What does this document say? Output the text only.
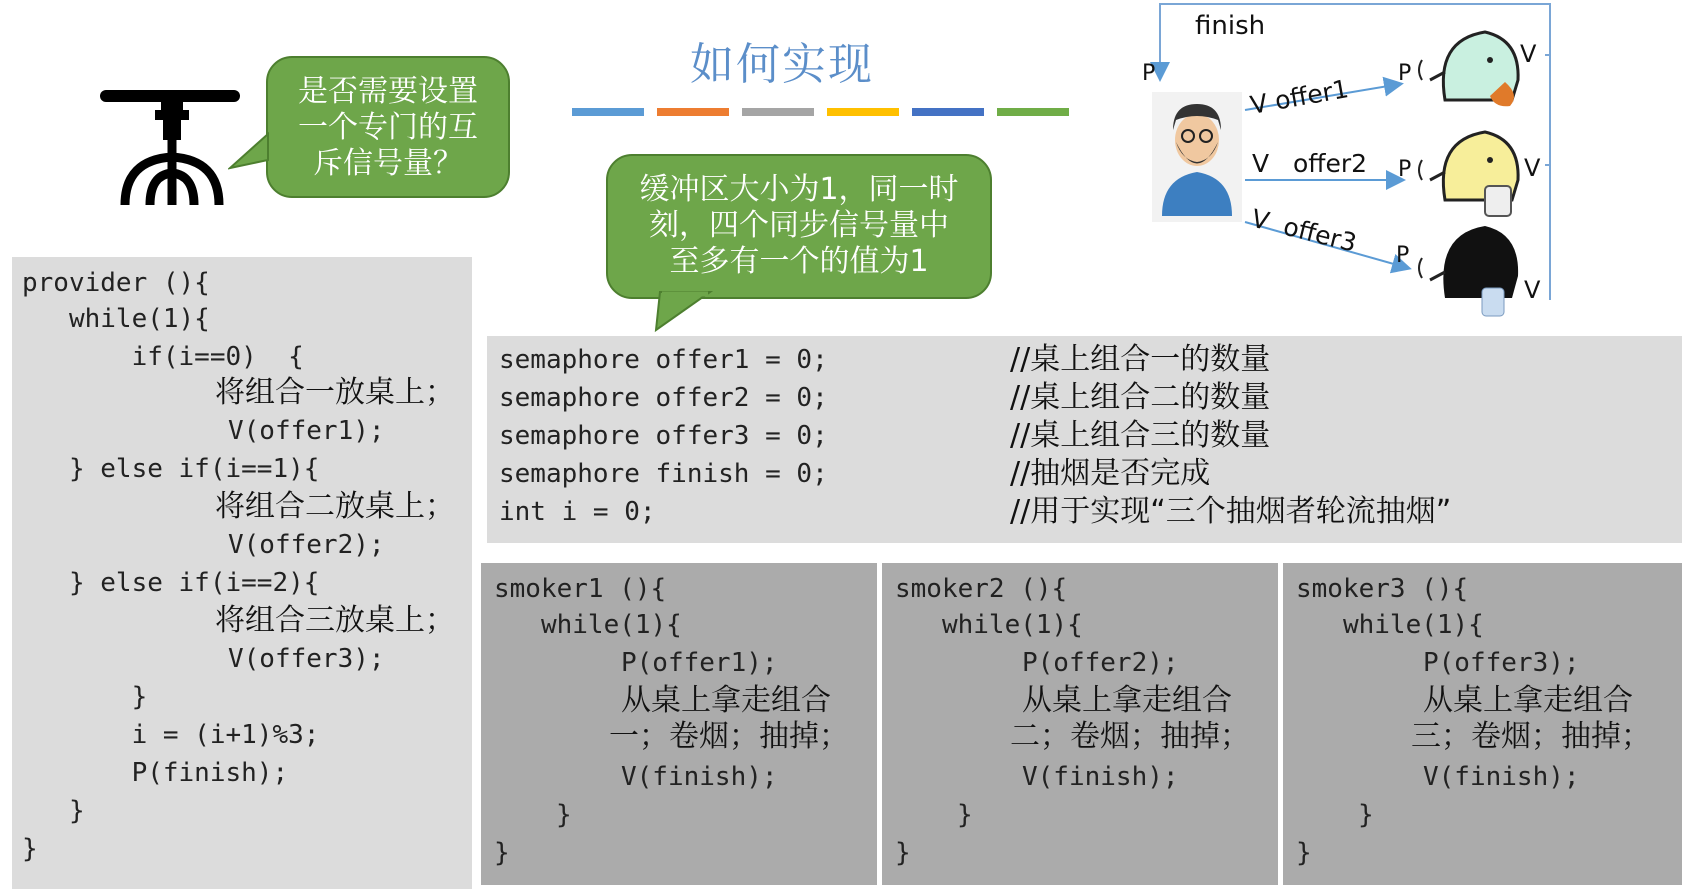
如何实现
是否需要设置
一个专门的互
斥信号量？
缓冲区大小为1，同一时
刻，四个同步信号量中
至多有一个的值为1
finish
P	P
P
P
V
V
V
V offer1
V   offer2
V  offer3
provider (){
while(1){
if(i==0)  {
将组合一放桌上；
V(offer1);
} else if(i==1){
将组合二放桌上；
V(offer2);
} else if(i==2){
将组合三放桌上；
V(offer3);
}
i = (i+1)%3;
P(finish);
}
}
semaphore offer1 = 0;	//桌上组合一的数量
semaphore offer2 = 0;	//桌上组合二的数量
semaphore offer3 = 0;	//桌上组合三的数量
semaphore finish = 0;	//抽烟是否完成
int i = 0;	//用于实现“三个抽烟者轮流抽烟”
smoker1 (){
while(1){
P(offer1);
从桌上拿走组合
一；卷烟；抽掉；
V(finish);
}
}
smoker2 (){
while(1){
P(offer2);
从桌上拿走组合
二；卷烟；抽掉；
V(finish);
}
}
smoker3 (){
while(1){
P(offer3);
从桌上拿走组合
三；卷烟；抽掉；
V(finish);
}
}
